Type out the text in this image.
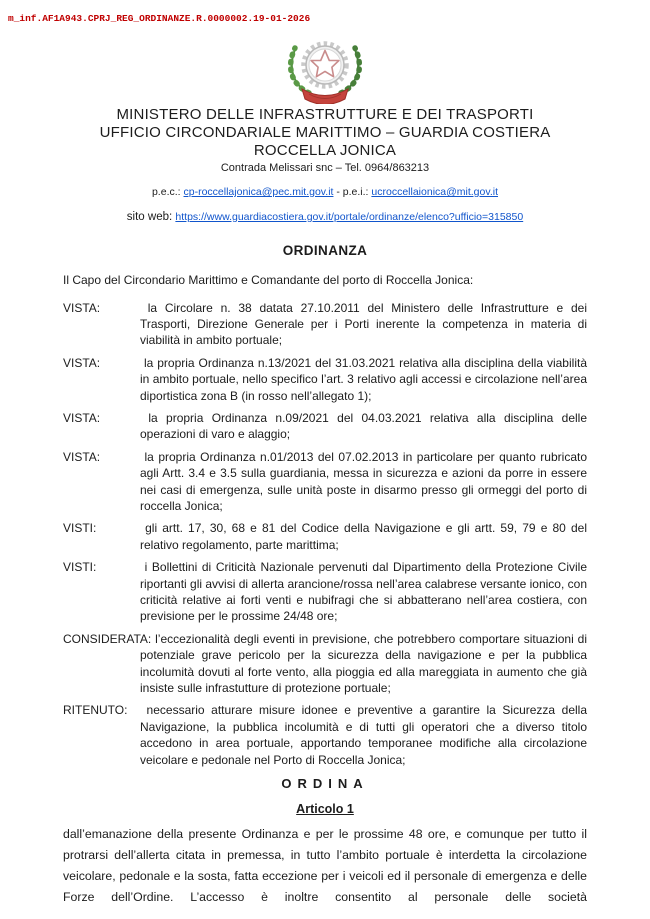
m_inf.AF1A943.CPRJ_REG_ORDINANZE.R.0000002.19-01-2026

MINISTERO DELLE INFRASTRUTTURE E DEI TRASPORTI

UFFICIO CIRCONDARIALE MARITTIMO – GUARDIA COSTIERA

ROCCELLA JONICA

Contrada Melissari snc – Tel. 0964/863213

p.e.c.: cp-roccellajonica@pec.mit.gov.it - p.e.i.: ucroccellaionica@mit.gov.it

sito web: https://www.guardiacostiera.gov.it/portale/ordinanze/elenco?ufficio=315850

ORDINANZA

Il Capo del Circondario Marittimo e Comandante del porto di Roccella Jonica:

VISTA:	la Circolare n. 38 datata 27.10.2011 del Ministero delle Infrastrutture e dei Trasporti, Direzione Generale per i Porti inerente la competenza in materia di viabilità in ambito portuale;

VISTA:	la propria Ordinanza n.13/2021 del 31.03.2021 relativa alla disciplina della viabilità in ambito portuale, nello specifico l’art. 3 relativo agli accessi e circolazione nell’area diportistica zona B (in rosso nell’allegato 1);

VISTA:	la propria Ordinanza n.09/2021 del 04.03.2021 relativa alla disciplina delle operazioni di varo e alaggio;

VISTA:	la propria Ordinanza n.01/2013 del 07.02.2013 in particolare per quanto rubricato agli Artt. 3.4 e 3.5 sulla guardiania, messa in sicurezza e azioni da porre in essere nei casi di emergenza, sulle unità poste in disarmo presso gli ormeggi del porto di roccella Jonica;

VISTI:	gli artt. 17, 30, 68 e 81 del Codice della Navigazione e gli artt. 59, 79 e 80 del relativo regolamento, parte marittima;

VISTI:	i Bollettini di Criticità Nazionale pervenuti dal Dipartimento della Protezione Civile riportanti gli avvisi di allerta arancione/rossa nell’area calabrese versante ionico, con criticità relative ai forti venti e nubifragi che si abbatterano nell’area costiera, con previsione per le prossime 24/48 ore;

CONSIDERATA: l’eccezionalità degli eventi in previsione, che potrebbero comportare situazioni di potenziale grave pericolo per la sicurezza della navigazione e per la pubblica incolumità dovuti al forte vento, alla pioggia ed alla mareggiata in aumento che già insiste sulle infrastutture di protezione portuale;

RITENUTO: necessario atturare misure idonee e preventive a garantire la Sicurezza della Navigazione, la pubblica incolumità e di tutti gli operatori che a diverso titolo accedono in area portuale, apportando temporanee modifiche alla circolazione veicolare e pedonale nel Porto di Roccella Jonica;

ORDINA
Articolo 1

dall’emanazione della presente Ordinanza e per le prossime 48 ore, e comunque per tutto il protrarsi dell’allerta citata in premessa, in tutto l’ambito portuale è interdetta la circolazione veicolare, pedonale e la sosta, fatta eccezione per i veicoli ed il personale di emergenza e delle Forze dell’Ordine. L’accesso è inoltre consentito al personale delle società
